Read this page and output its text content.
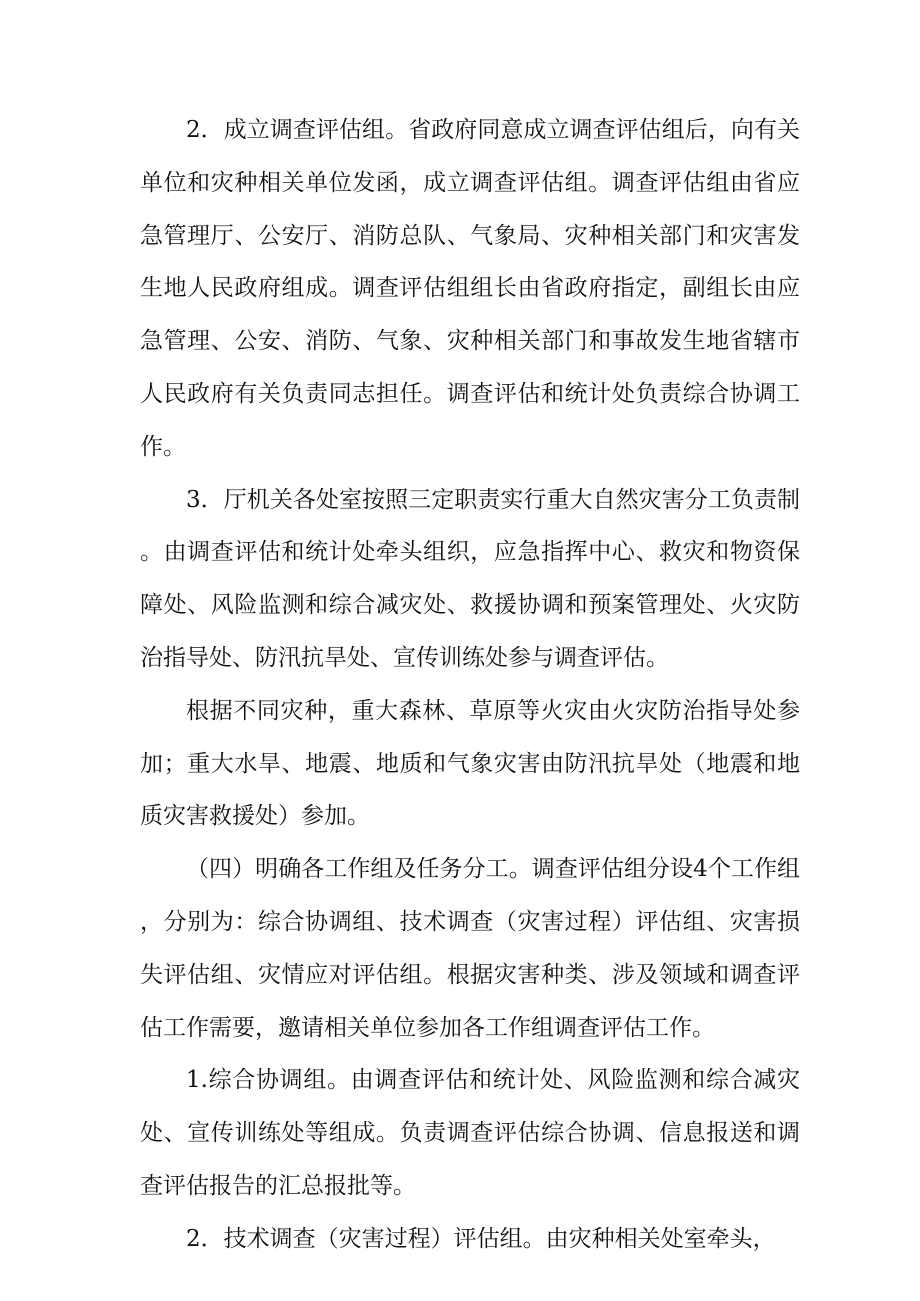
2．成立调查评估组。省政府同意成立调查评估组后，向有关单位和灾种相关单位发函，成立调查评估组。调查评估组由省应急管理厅、公安厅、消防总队、气象局、灾种相关部门和灾害发生地人民政府组成。调查评估组组长由省政府指定，副组长由应急管理、公安、消防、气象、灾种相关部门和事故发生地省辖市人民政府有关负责同志担任。调查评估和统计处负责综合协调工作。

3．厅机关各处室按照三定职责实行重大自然灾害分工负责制。由调查评估和统计处牵头组织，应急指挥中心、救灾和物资保障处、风险监测和综合减灾处、救援协调和预案管理处、火灾防治指导处、防汛抗旱处、宣传训练处参与调查评估。

根据不同灾种，重大森林、草原等火灾由火灾防治指导处参加；重大水旱、地震、地质和气象灾害由防汛抗旱处（地震和地质灾害救援处）参加。

（四）明确各工作组及任务分工。调查评估组分设4个工作组，分别为：综合协调组、技术调查（灾害过程）评估组、灾害损失评估组、灾情应对评估组。根据灾害种类、涉及领域和调查评估工作需要，邀请相关单位参加各工作组调查评估工作。

1.综合协调组。由调查评估和统计处、风险监测和综合减灾处、宣传训练处等组成。负责调查评估综合协调、信息报送和调查评估报告的汇总报批等。

2．技术调查（灾害过程）评估组。由灾种相关处室牵头，
